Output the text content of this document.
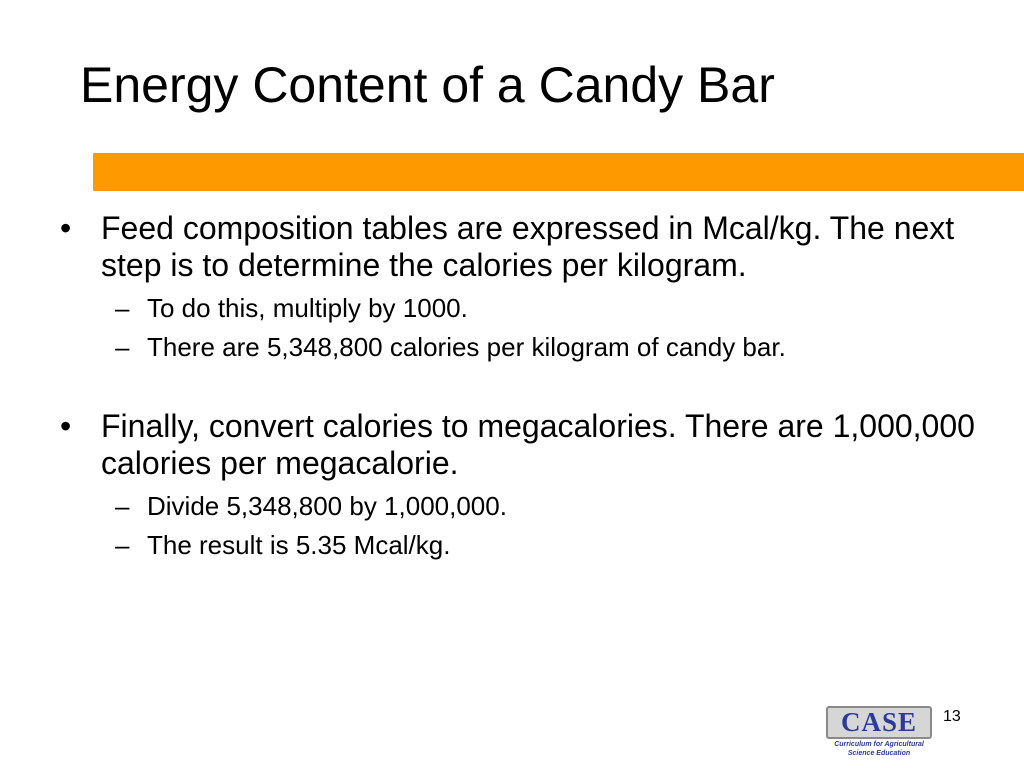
Energy Content of a Candy Bar
• Feed composition tables are expressed in Mcal/kg. The next step is to determine the calories per kilogram.
– To do this, multiply by 1000.
– There are 5,348,800 calories per kilogram of candy bar.
• Finally, convert calories to megacalories. There are 1,000,000 calories per megacalorie.
– Divide 5,348,800 by 1,000,000.
– The result is 5.35 Mcal/kg.
CASE
Curriculum for Agricultural
Science Education
13
